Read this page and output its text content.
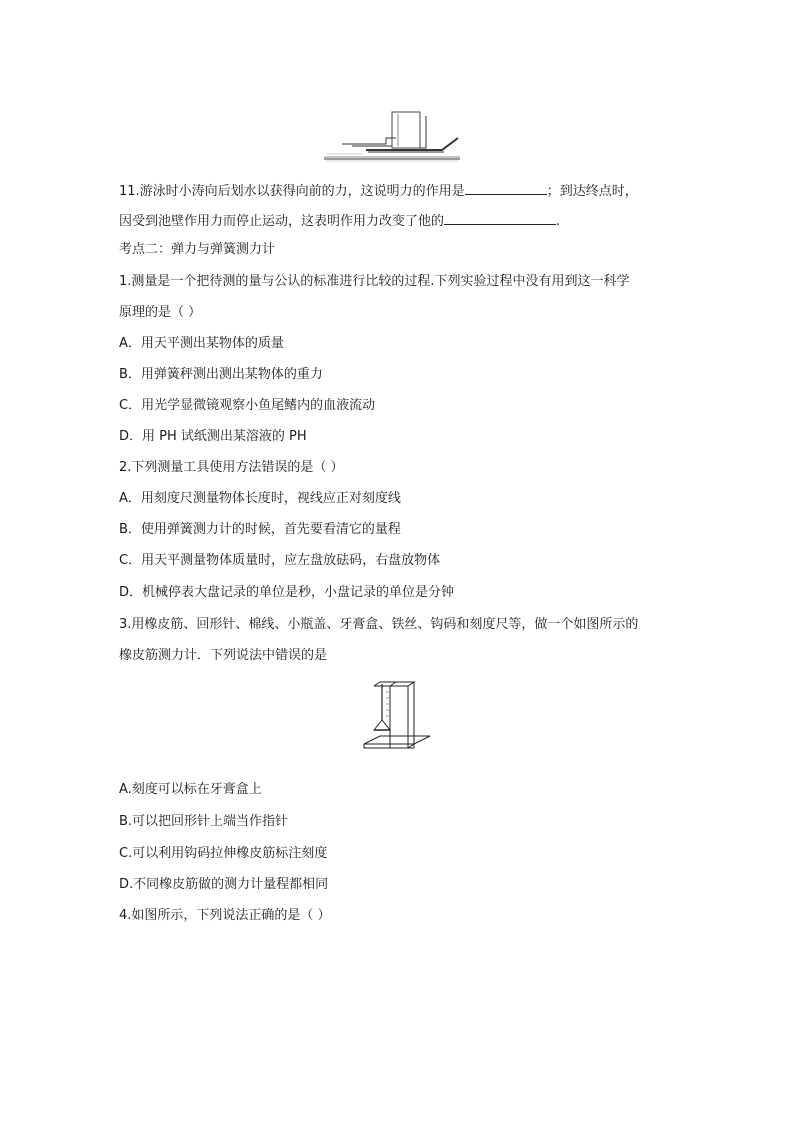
11.游泳时小涛向后划水以获得向前的力，这说明力的作用是	；到达终点时，
因受到池壁作用力而停止运动，这表明作用力改变了他的	.
考点二：弹力与弹簧测力计
1.测量是一个把待测的量与公认的标准进行比较的过程.下列实验过程中没有用到这一科学
原理的是（ ）
A．用天平测出某物体的质量
B．用弹簧秤测出测出某物体的重力
C．用光学显微镜观察小鱼尾鳍内的血液流动
D．用 PH 试纸测出某溶液的 PH
2.下列测量工具使用方法错误的是（ ）
A．用刻度尺测量物体长度时，视线应正对刻度线
B．使用弹簧测力计的时候，首先要看清它的量程
C．用天平测量物体质量时，应左盘放砝码，右盘放物体
D．机械停表大盘记录的单位是秒，小盘记录的单位是分钟
3.用橡皮筋、回形针、棉线、小瓶盖、牙膏盒、铁丝、钩码和刻度尺等，做一个如图所示的
橡皮筋测力计．下列说法中错误的是
A.刻度可以标在牙膏盒上
B.可以把回形针上端当作指针
C.可以利用钩码拉伸橡皮筋标注刻度
D.不同橡皮筋做的测力计量程都相同
4.如图所示，下列说法正确的是（ ）
